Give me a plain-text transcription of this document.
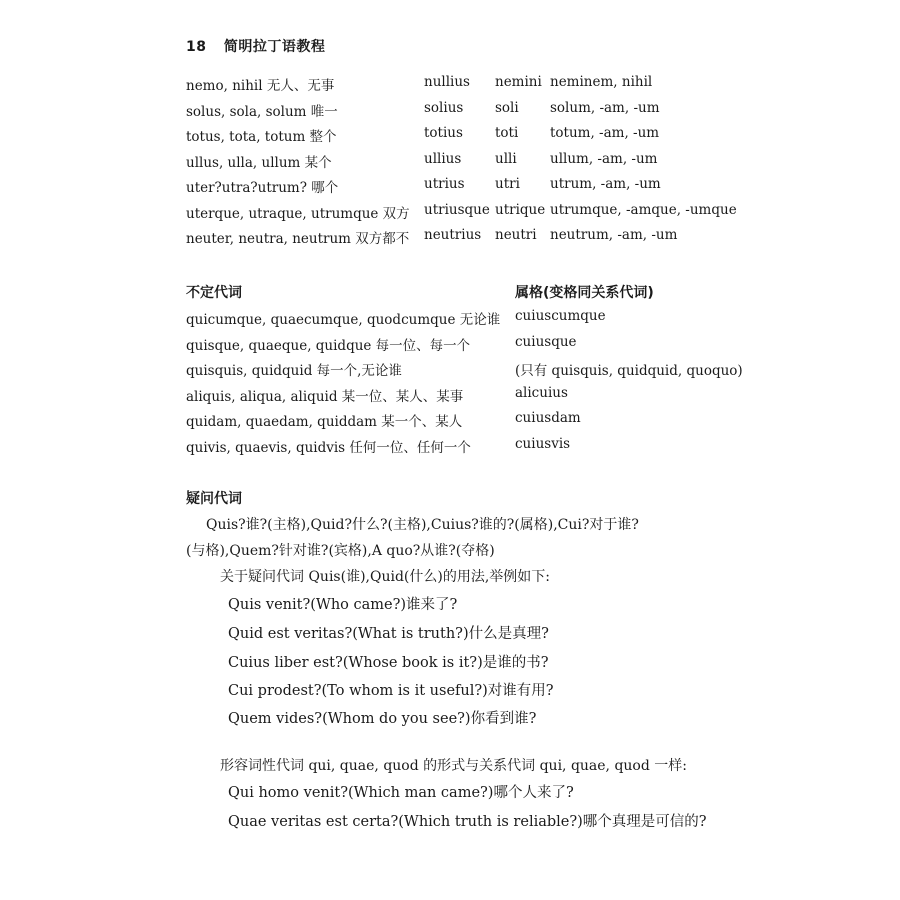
18 简明拉丁语教程
nemo, nihil 无人、无事	nullius nemini neminem, nihil
solus, sola, solum 唯一	solius soli solum, -am, -um
totus, tota, totum 整个	totius toti totum, -am, -um
ullus, ulla, ullum 某个	ullius ulli ullum, -am, -um
uter?utra?utrum? 哪个	utrius utri utrum, -am, -um
uterque, utraque, utrumque 双方 utriusque utrique utrumque, -amque, -umque
neuter, neutra, neutrum 双方都不 neutrius neutri neutrum, -am, -um
不定代词	属格(变格同关系代词)
quicumque, quaecumque, quodcumque 无论谁 cuiuscumque
quisque, quaeque, quidque 每一位、每一个	cuiusque
quisquis, quidquid 每一个,无论谁	(只有 quisquis, quidquid, quoquo)
aliquis, aliqua, aliquid 某一位、某人、某事	alicuius
quidam, quaedam, quiddam 某一个、某人	cuiusdam
quivis, quaevis, quidvis 任何一位、任何一个	cuiusvis
疑问代词
Quis?谁?(主格),Quid?什么?(主格),Cuius?谁的?(属格),Cui?对于谁?
(与格),Quem?针对谁?(宾格),A quo?从谁?(夺格)
关于疑问代词 Quis(谁),Quid(什么)的用法,举例如下:
Quis venit?(Who came?)谁来了?
Quid est veritas?(What is truth?)什么是真理?
Cuius liber est?(Whose book is it?)是谁的书?
Cui prodest?(To whom is it useful?)对谁有用?
Quem vides?(Whom do you see?)你看到谁?
形容词性代词 qui, quae, quod 的形式与关系代词 qui, quae, quod 一样:
Qui homo venit?(Which man came?)哪个人来了?
Quae veritas est certa?(Which truth is reliable?)哪个真理是可信的?
